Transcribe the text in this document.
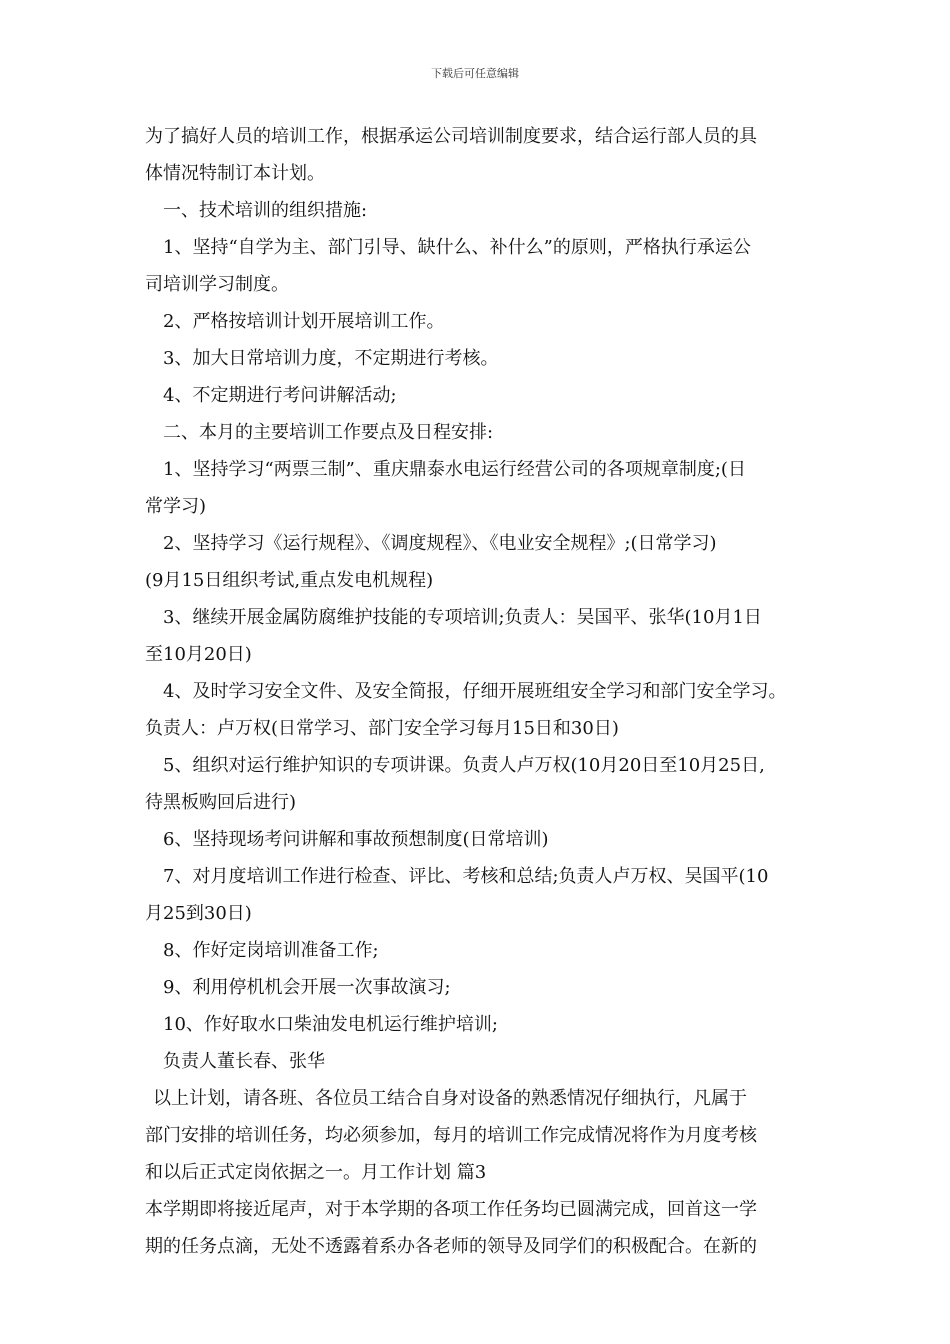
下载后可任意编辑
为了搞好人员的培训工作，根据承运公司培训制度要求，结合运行部人员的具
体情况特制订本计划。
一、技术培训的组织措施:
1、坚持“自学为主、部门引导、缺什么、补什么”的原则，严格执行承运公
司培训学习制度。
2、严格按培训计划开展培训工作。
3、加大日常培训力度，不定期进行考核。
4、不定期进行考问讲解活动;
二、本月的主要培训工作要点及日程安排:
1、坚持学习“两票三制”、重庆鼎泰水电运行经营公司的各项规章制度;(日
常学习)
2、坚持学习《运行规程》、《调度规程》、《电业安全规程》;(日常学习)
(9月15日组织考试,重点发电机规程)
3、继续开展金属防腐维护技能的专项培训;负责人：吴国平、张华(10月1日
至10月20日)
4、及时学习安全文件、及安全简报，仔细开展班组安全学习和部门安全学习。
负责人：卢万权(日常学习、部门安全学习每月15日和30日)
5、组织对运行维护知识的专项讲课。负责人卢万权(10月20日至10月25日,
待黑板购回后进行)
6、坚持现场考问讲解和事故预想制度(日常培训)
7、对月度培训工作进行检查、评比、考核和总结;负责人卢万权、吴国平(10
月25到30日)
8、作好定岗培训准备工作;
9、利用停机机会开展一次事故演习;
10、作好取水口柴油发电机运行维护培训;
负责人董长春、张华
以上计划，请各班、各位员工结合自身对设备的熟悉情况仔细执行，凡属于
部门安排的培训任务，均必须参加，每月的培训工作完成情况将作为月度考核
和以后正式定岗依据之一。月工作计划 篇3
本学期即将接近尾声，对于本学期的各项工作任务均已圆满完成，回首这一学
期的任务点滴，无处不透露着系办各老师的领导及同学们的积极配合。在新的
